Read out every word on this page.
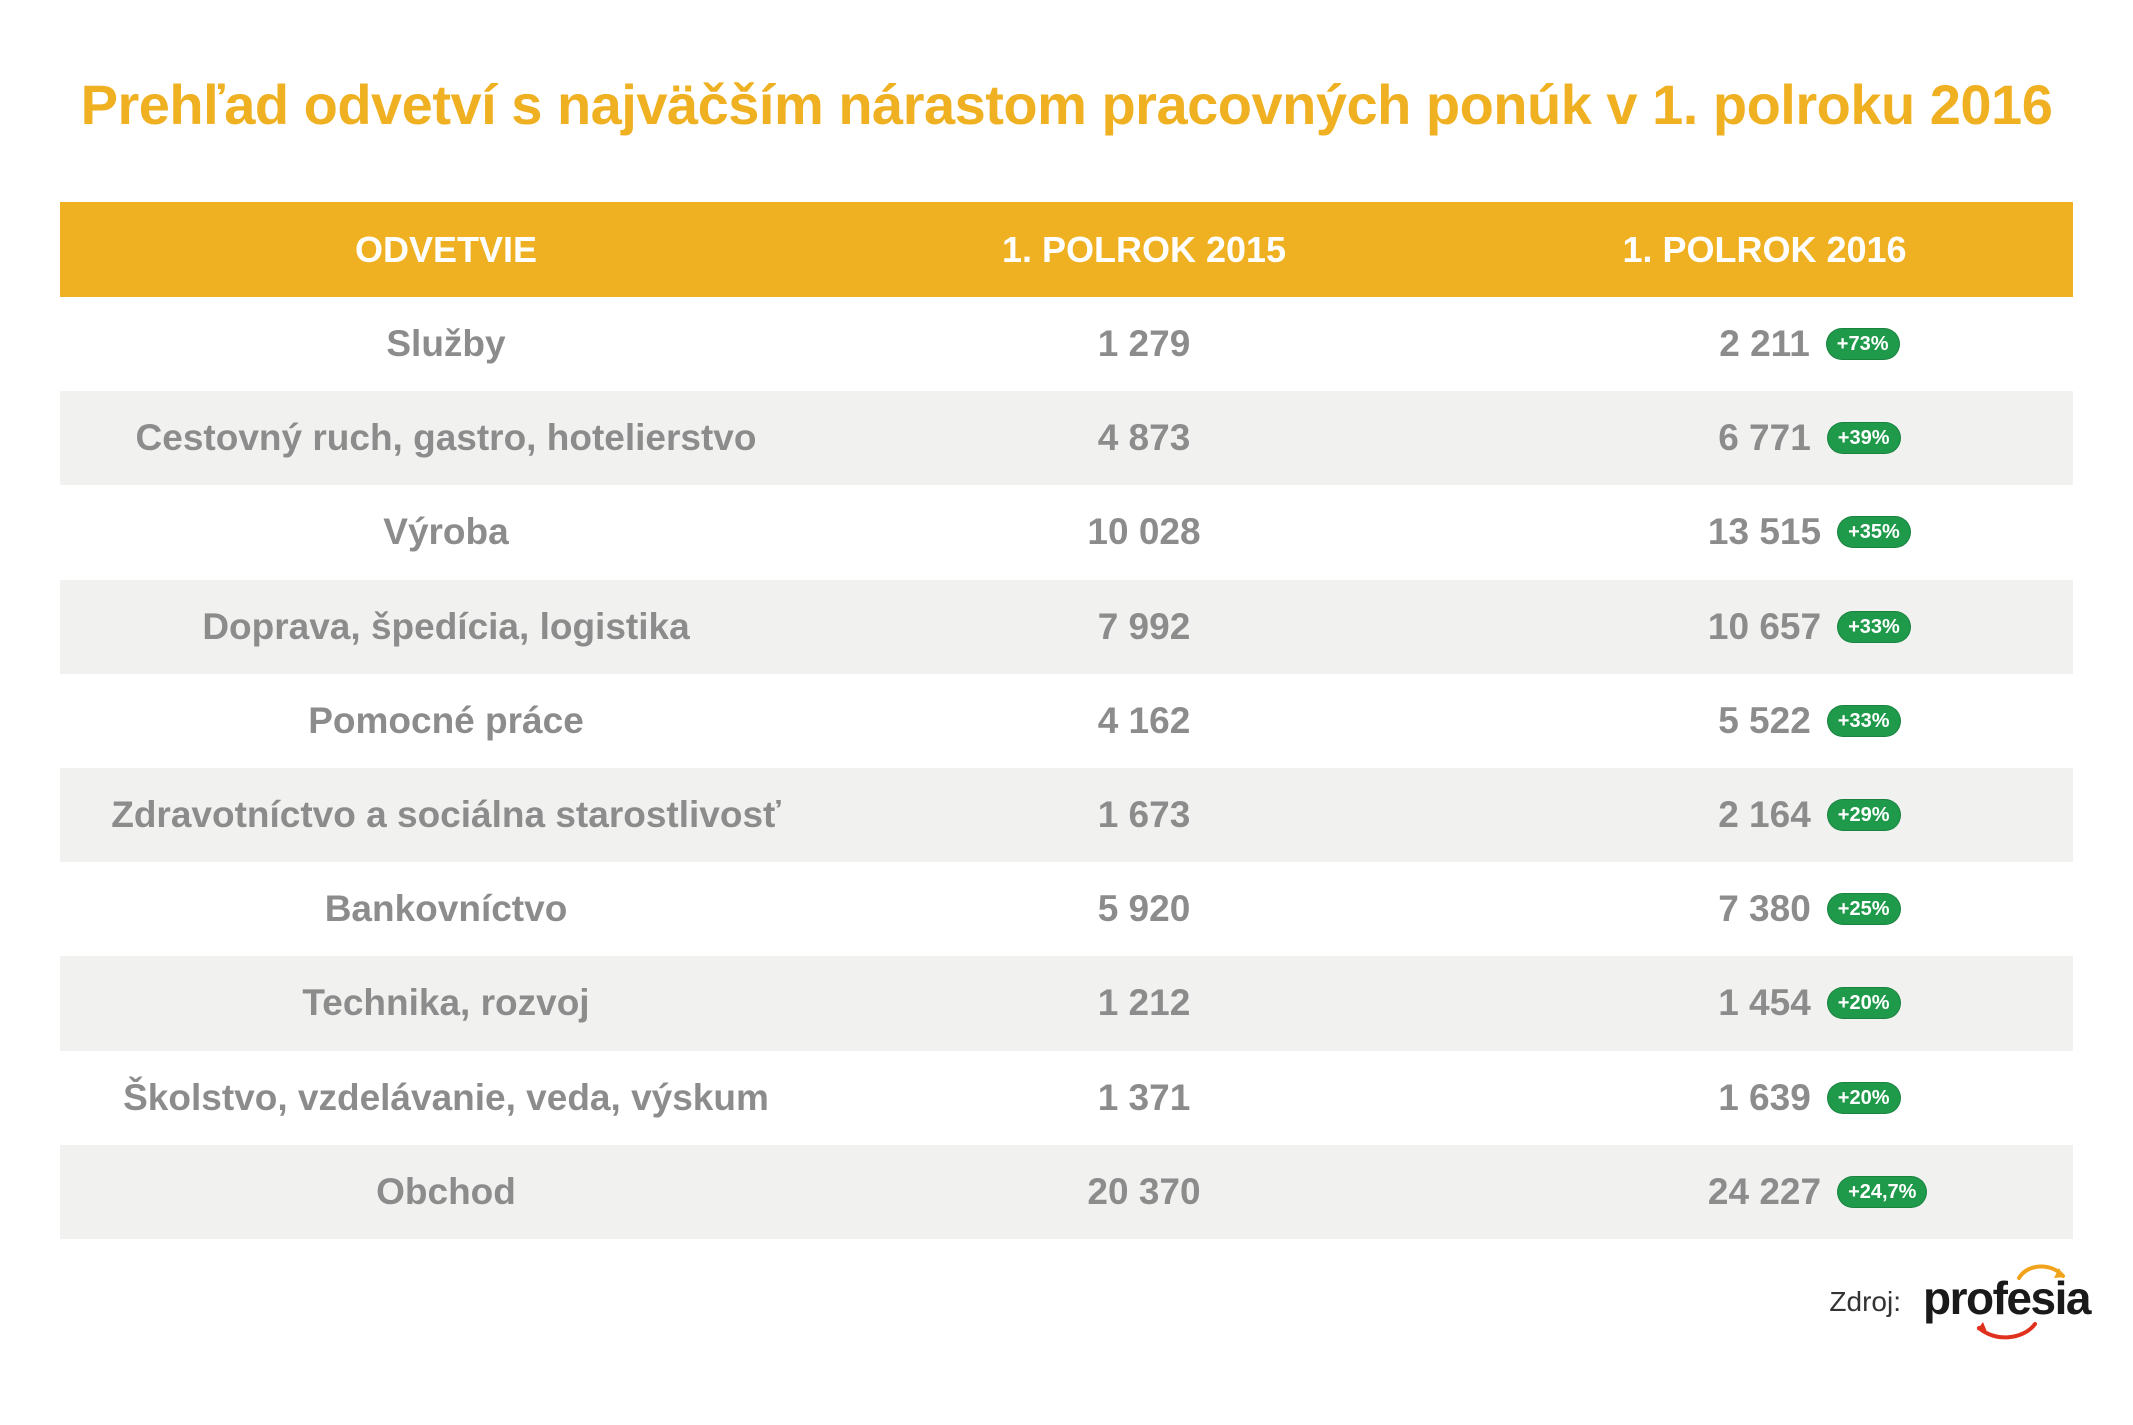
Prehľad odvetví s najväčším nárastom pracovných ponúk v 1. polroku 2016
ODVETVIE	1. POLROK 2015	1. POLROK 2016
Služby	1 279	2 211	+73%
Cestovný ruch, gastro, hotelierstvo	4 873	6 771	+39%
Výroba	10 028	13 515	+35%
Doprava, špedícia, logistika	7 992	10 657	+33%
Pomocné práce	4 162	5 522	+33%
Zdravotníctvo a sociálna starostlivosť	1 673	2 164	+29%
Bankovníctvo	5 920	7 380	+25%
Technika, rozvoj	1 212	1 454	+20%
Školstvo, vzdelávanie, veda, výskum	1 371	1 639	+20%
Obchod	20 370	24 227	+24,7%
Zdroj: profesia
